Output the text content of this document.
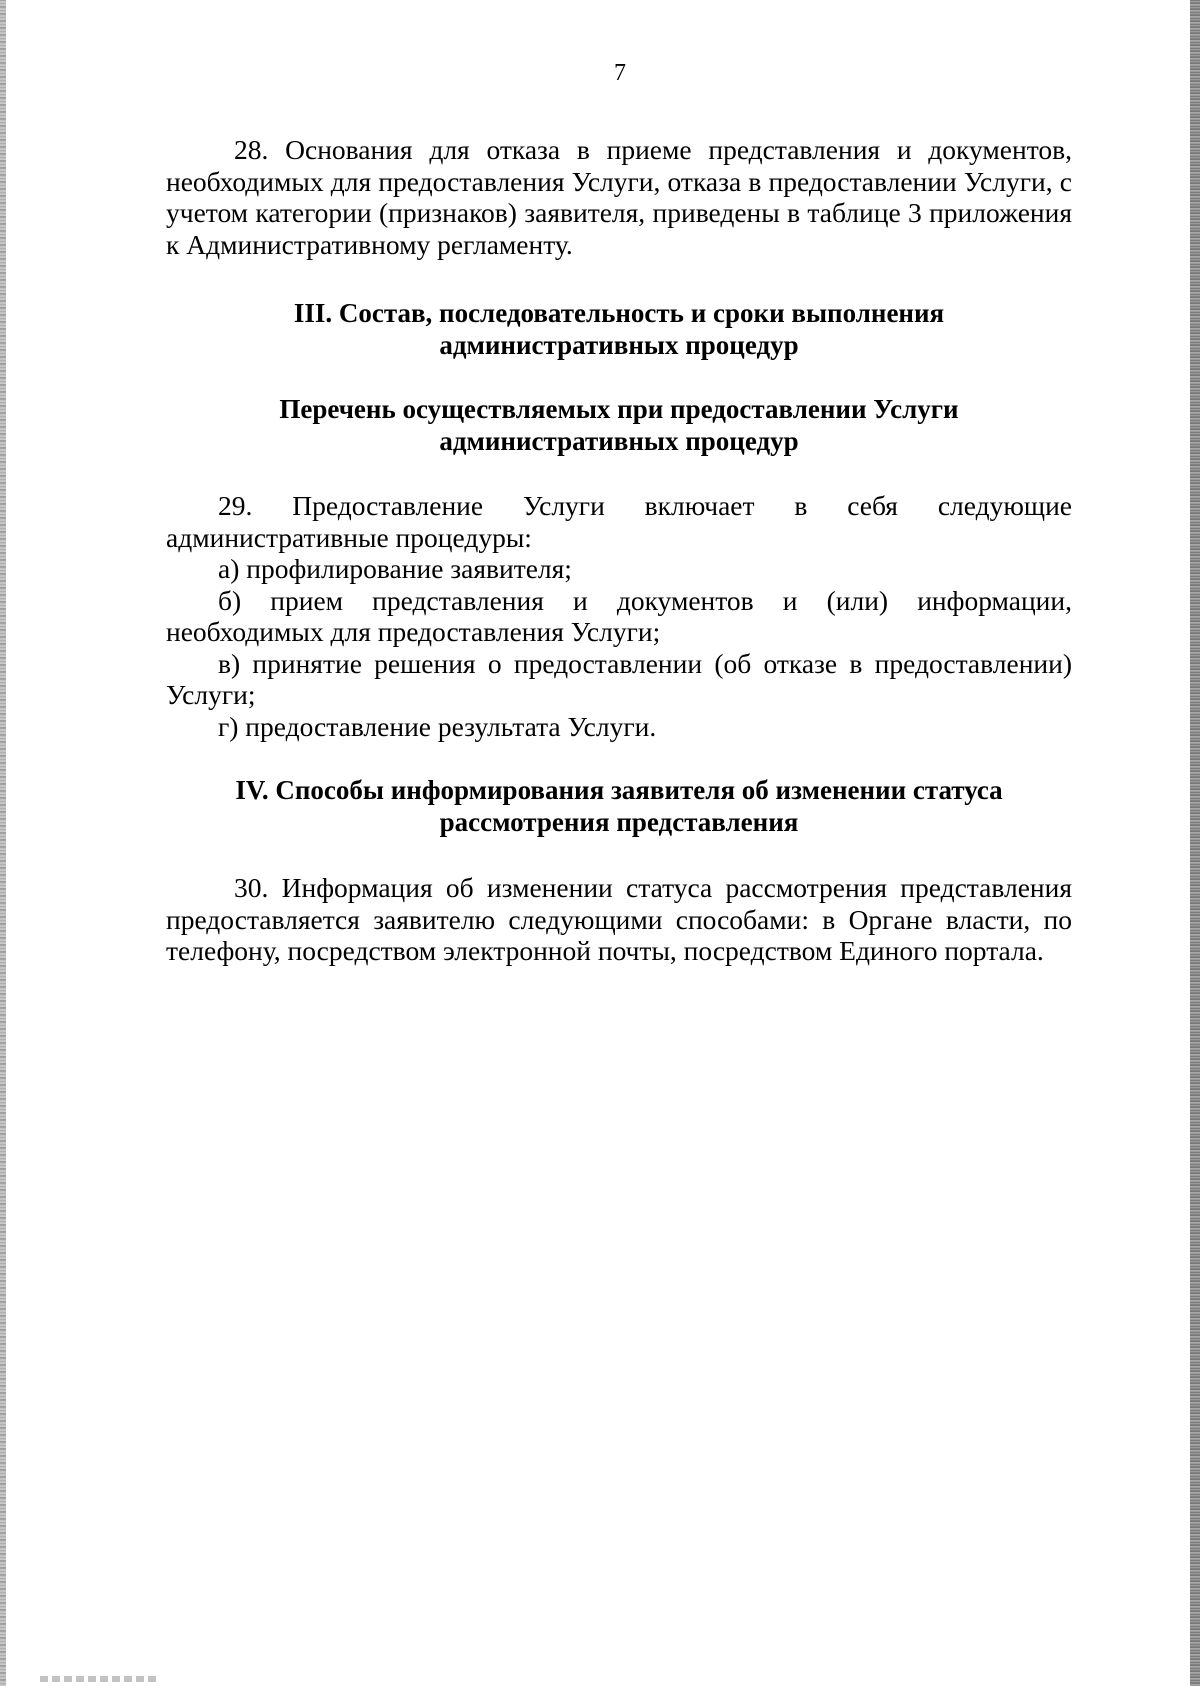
7

28. Основания для отказа в приеме представления и документов, необходимых для предоставления Услуги, отказа в предоставлении Услуги, с учетом категории (признаков) заявителя, приведены в таблице 3 приложения к Административному регламенту.

III. Состав, последовательность и сроки выполнения
административных процедур
Перечень осуществляемых при предоставлении Услуги
административных процедур

29. Предоставление Услуги включает в себя следующие административные процедуры:

а) профилирование заявителя;

б) прием представления и документов и (или) информации, необходимых для предоставления Услуги;

в) принятие решения о предоставлении (об отказе в предоставлении) Услуги;

г) предоставление результата Услуги.

IV. Способы информирования заявителя об изменении статуса
рассмотрения представления

30. Информация об изменении статуса рассмотрения представления предоставляется заявителю следующими способами: в Органе власти, по телефону, посредством электронной почты, посредством Единого портала.
